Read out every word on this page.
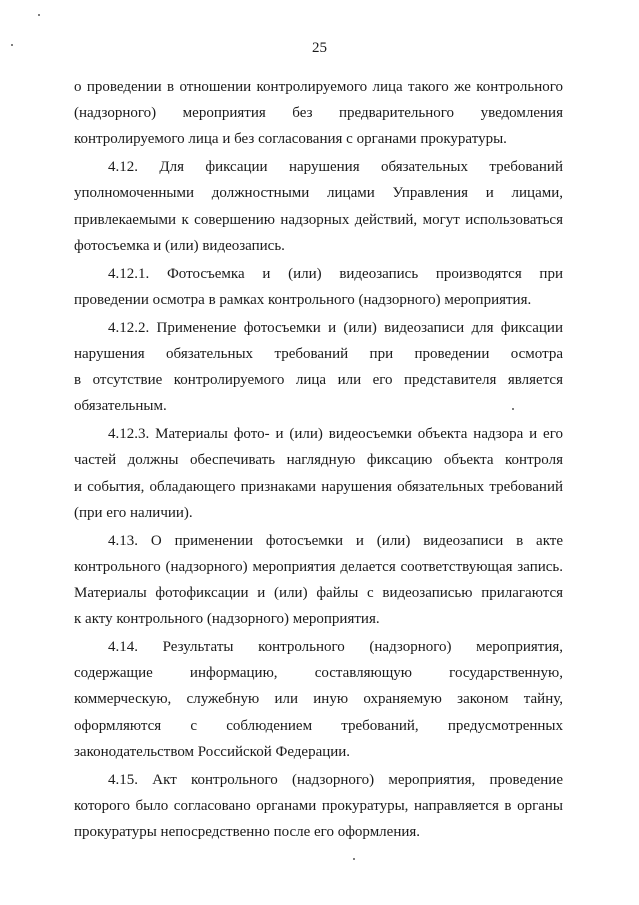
25
о проведении в отношении контролируемого лица такого же контрольного
(надзорного) мероприятия без предварительного уведомления
контролируемого лица и без согласования с органами прокуратуры.
4.12. Для фиксации нарушения обязательных требований
уполномоченными должностными лицами Управления и лицами,
привлекаемыми к совершению надзорных действий, могут использоваться
фотосъемка и (или) видеозапись.
4.12.1. Фотосъемка и (или) видеозапись производятся при
проведении осмотра в рамках контрольного (надзорного) мероприятия.
4.12.2. Применение фотосъемки и (или) видеозаписи для фиксации
нарушения обязательных требований при проведении осмотра
в отсутствие контролируемого лица или его представителя является
обязательным.
4.12.3. Материалы фото- и (или) видеосъемки объекта надзора и его
частей должны обеспечивать наглядную фиксацию объекта контроля
и события, обладающего признаками нарушения обязательных требований
(при его наличии).
4.13. О применении фотосъемки и (или) видеозаписи в акте
контрольного (надзорного) мероприятия делается соответствующая запись.
Материалы фотофиксации и (или) файлы с видеозаписью прилагаются
к акту контрольного (надзорного) мероприятия.
4.14. Результаты контрольного (надзорного) мероприятия,
содержащие информацию, составляющую государственную,
коммерческую, служебную или иную охраняемую законом тайну,
оформляются с соблюдением требований, предусмотренных
законодательством Российской Федерации.
4.15. Акт контрольного (надзорного) мероприятия, проведение
которого было согласовано органами прокуратуры, направляется в органы
прокуратуры непосредственно после его оформления.
